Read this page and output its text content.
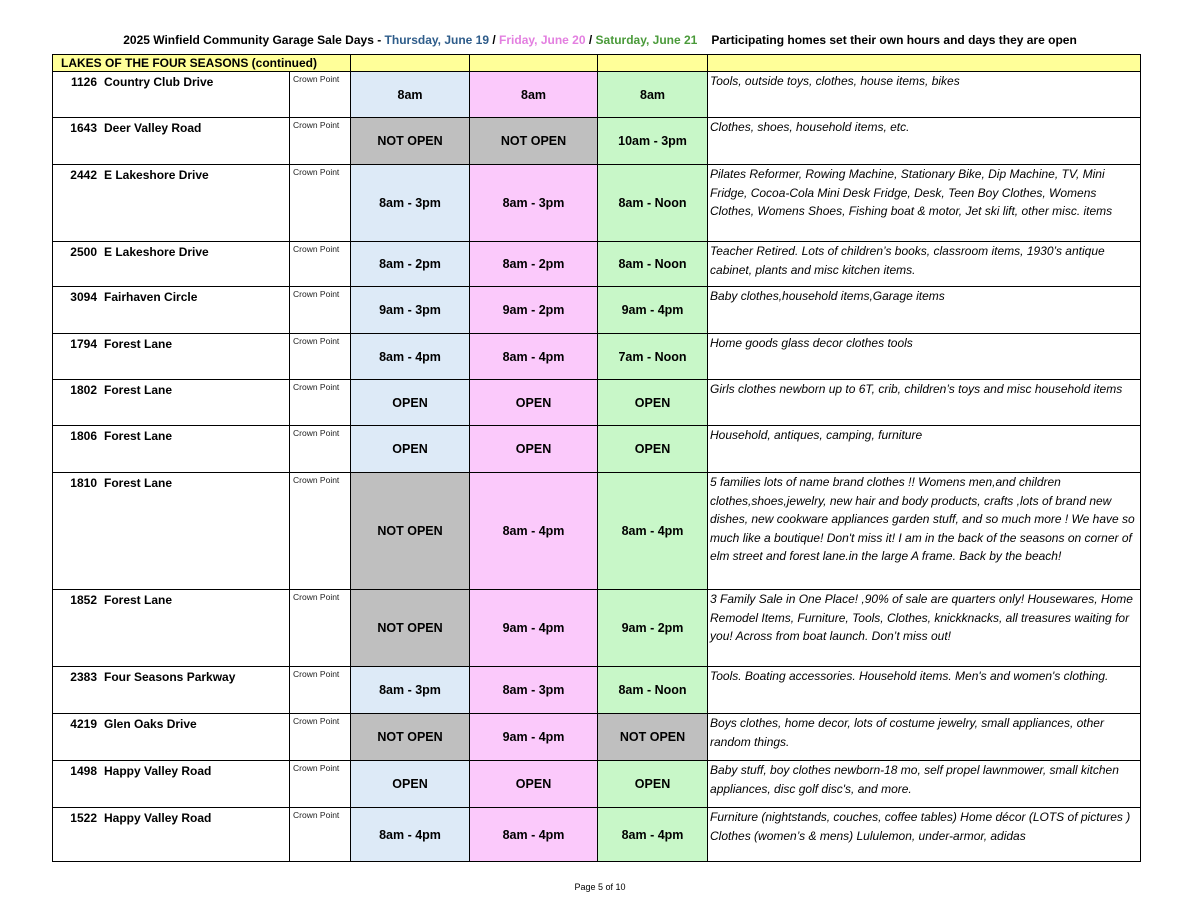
2025 Winfield Community Garage Sale Days - Thursday, June 19 / Friday, June 20 / Saturday, June 21 Participating homes set their own hours and days they are open
LAKES OF THE FOUR SEASONS (continued)					
1126 Country Club Drive	Crown Point	8am	8am	8am	Tools, outside toys, clothes, house items, bikes
1643 Deer Valley Road	Crown Point	NOT OPEN	NOT OPEN	10am - 3pm	Clothes, shoes, household items, etc.
2442 E Lakeshore Drive	Crown Point	8am - 3pm	8am - 3pm	8am - Noon	Pilates Reformer, Rowing Machine, Stationary Bike, Dip Machine, TV, Mini Fridge, Cocoa-Cola Mini Desk Fridge, Desk, Teen Boy Clothes, Womens Clothes, Womens Shoes, Fishing boat & motor, Jet ski lift, other misc. items
2500 E Lakeshore Drive	Crown Point	8am - 2pm	8am - 2pm	8am - Noon	Teacher Retired. Lots of children’s books, classroom items, 1930’s antique cabinet, plants and misc kitchen items.
3094 Fairhaven Circle	Crown Point	9am - 3pm	9am - 2pm	9am - 4pm	Baby clothes,household items,Garage items
1794 Forest Lane	Crown Point	8am - 4pm	8am - 4pm	7am - Noon	Home goods glass decor clothes tools
1802 Forest Lane	Crown Point	OPEN	OPEN	OPEN	Girls clothes newborn up to 6T, crib, children’s toys and misc household items
1806 Forest Lane	Crown Point	OPEN	OPEN	OPEN	Household, antiques, camping, furniture
1810 Forest Lane	Crown Point	NOT OPEN	8am - 4pm	8am - 4pm	5 families lots of name brand clothes !! Womens men,and children clothes,shoes,jewelry, new hair and body products, crafts ,lots of brand new dishes, new cookware appliances garden stuff, and so much more ! We have so much like a boutique! Don't miss it! I am in the back of the seasons on corner of elm street and forest lane.in the large A frame. Back by the beach!
1852 Forest Lane	Crown Point	NOT OPEN	9am - 4pm	9am - 2pm	3 Family Sale in One Place! ,90% of sale are quarters only! Housewares, Home Remodel Items, Furniture, Tools, Clothes, knickknacks, all treasures waiting for you! Across from boat launch. Don’t miss out!
2383 Four Seasons Parkway	Crown Point	8am - 3pm	8am - 3pm	8am - Noon	Tools. Boating accessories. Household items. Men's and women's clothing.
4219 Glen Oaks Drive	Crown Point	NOT OPEN	9am - 4pm	NOT OPEN	Boys clothes, home decor, lots of costume jewelry, small appliances, other random things.
1498 Happy Valley Road	Crown Point	OPEN	OPEN	OPEN	Baby stuff, boy clothes newborn-18 mo, self propel lawnmower, small kitchen appliances, disc golf disc's, and more.
1522 Happy Valley Road	Crown Point	8am - 4pm	8am - 4pm	8am - 4pm	Furniture (nightstands, couches, coffee tables) Home décor (LOTS of pictures ) Clothes (women’s & mens) Lululemon, under-armor, adidas
Page 5 of 10
